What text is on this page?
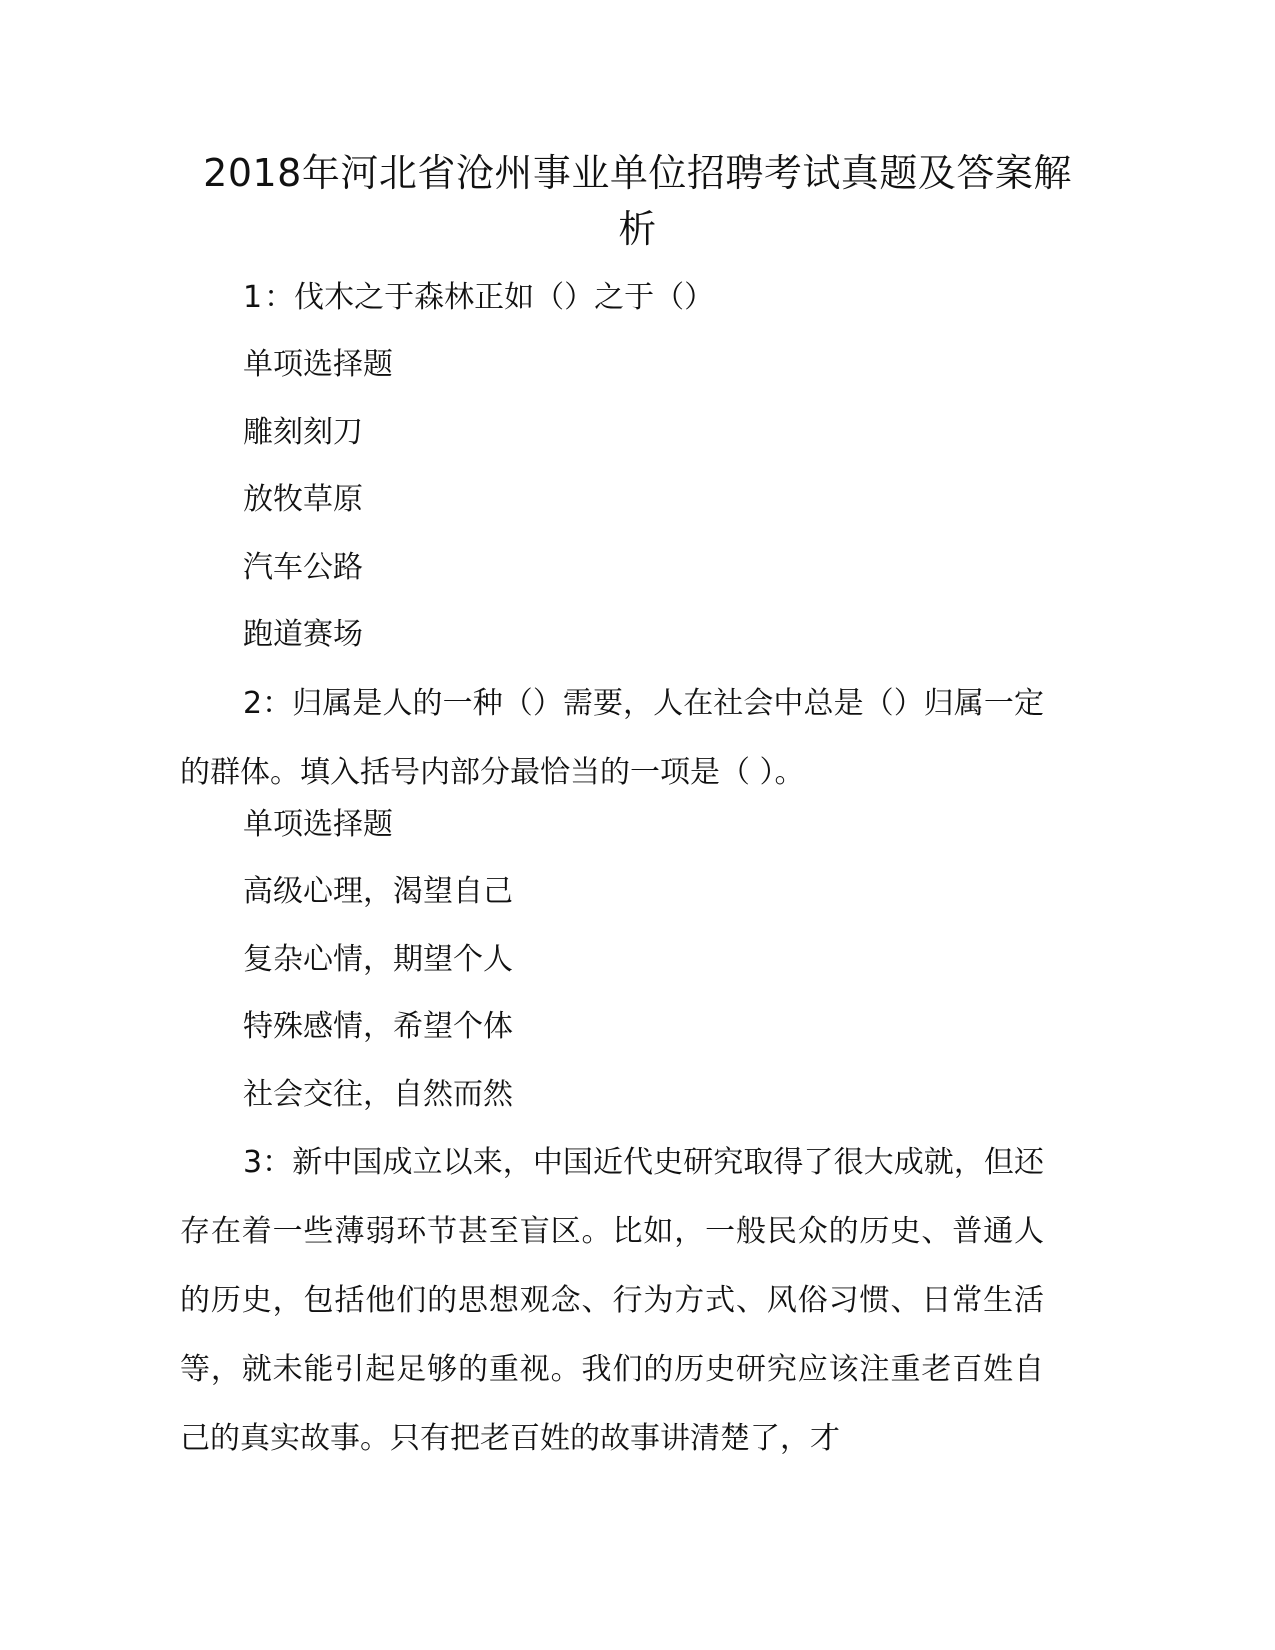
2018年河北省沧州事业单位招聘考试真题及答案解析
1：伐木之于森林正如（）之于（）
单项选择题
雕刻刻刀
放牧草原
汽车公路
跑道赛场
2：归属是人的一种（）需要，人在社会中总是（）归属一定的群体。填入括号内部分最恰当的一项是（ ）。
单项选择题
高级心理，渴望自己
复杂心情，期望个人
特殊感情，希望个体
社会交往，自然而然
3：新中国成立以来，中国近代史研究取得了很大成就，但还存在着一些薄弱环节甚至盲区。比如，一般民众的历史、普通人的历史，包括他们的思想观念、行为方式、风俗习惯、日常生活等，就未能引起足够的重视。我们的历史研究应该注重老百姓自己的真实故事。只有把老百姓的故事讲清楚了，才
